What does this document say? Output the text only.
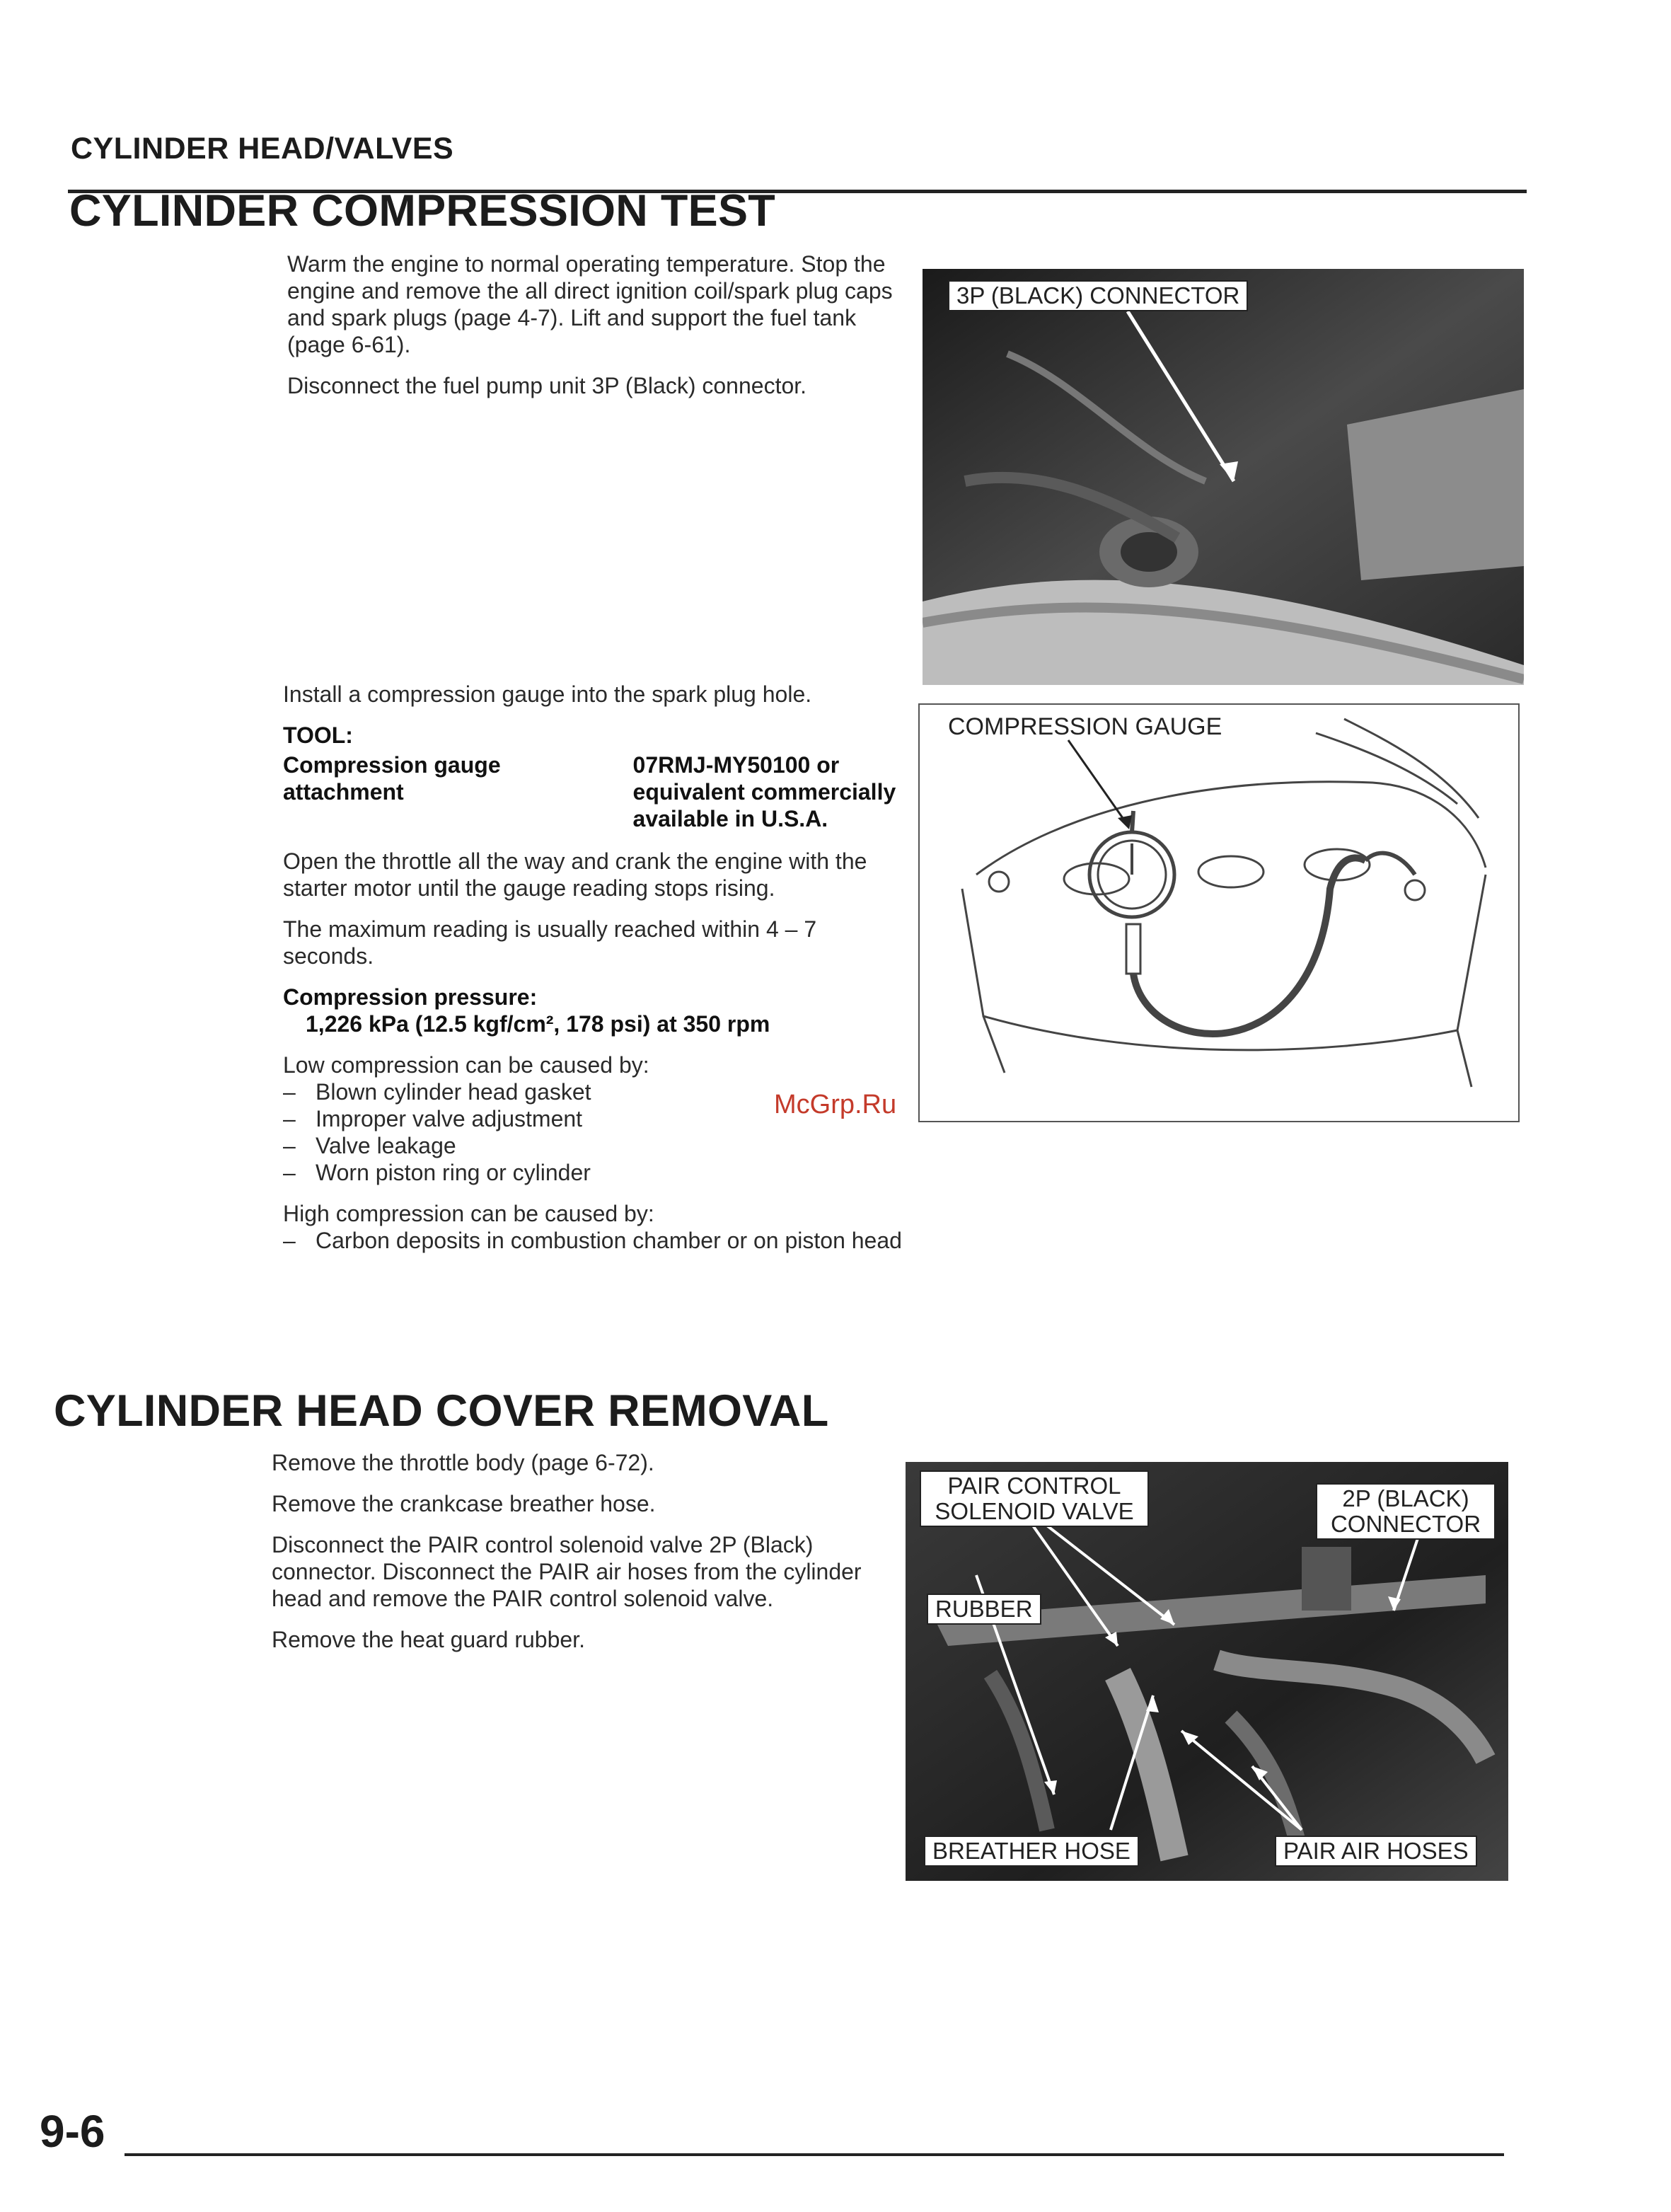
CYLINDER HEAD/VALVES
CYLINDER COMPRESSION TEST

Warm the engine to normal operating temperature. Stop the engine and remove the all direct ignition coil/spark plug caps and spark plugs (page 4-7). Lift and support the fuel tank (page 6-61).

Disconnect the fuel pump unit 3P (Black) connector.

Install a compression gauge into the spark plug hole.

TOOL:

Compression gauge attachment
07RMJ-MY50100 or equivalent commercially available in U.S.A.

Open the throttle all the way and crank the engine with the starter motor until the gauge reading stops rising.

The maximum reading is usually reached within 4 – 7 seconds.

Compression pressure:

1,226 kPa (12.5 kgf/cm², 178 psi) at 350 rpm

Low compression can be caused by:

– Blown cylinder head gasket
– Improper valve adjustment
– Valve leakage
– Worn piston ring or cylinder

High compression can be caused by:

– Carbon deposits in combustion chamber or on piston head
3P (BLACK) CONNECTOR
COMPRESSION GAUGE
McGrp.Ru
CYLINDER HEAD COVER REMOVAL

Remove the throttle body (page 6-72).

Remove the crankcase breather hose.

Disconnect the PAIR control solenoid valve 2P (Black) connector. Disconnect the PAIR air hoses from the cylinder head and remove the PAIR control solenoid valve.

Remove the heat guard rubber.

PAIR CONTROL SOLENOID VALVE	2P (BLACK) CONNECTOR
RUBBER
BREATHER HOSE	PAIR AIR HOSES
9-6
